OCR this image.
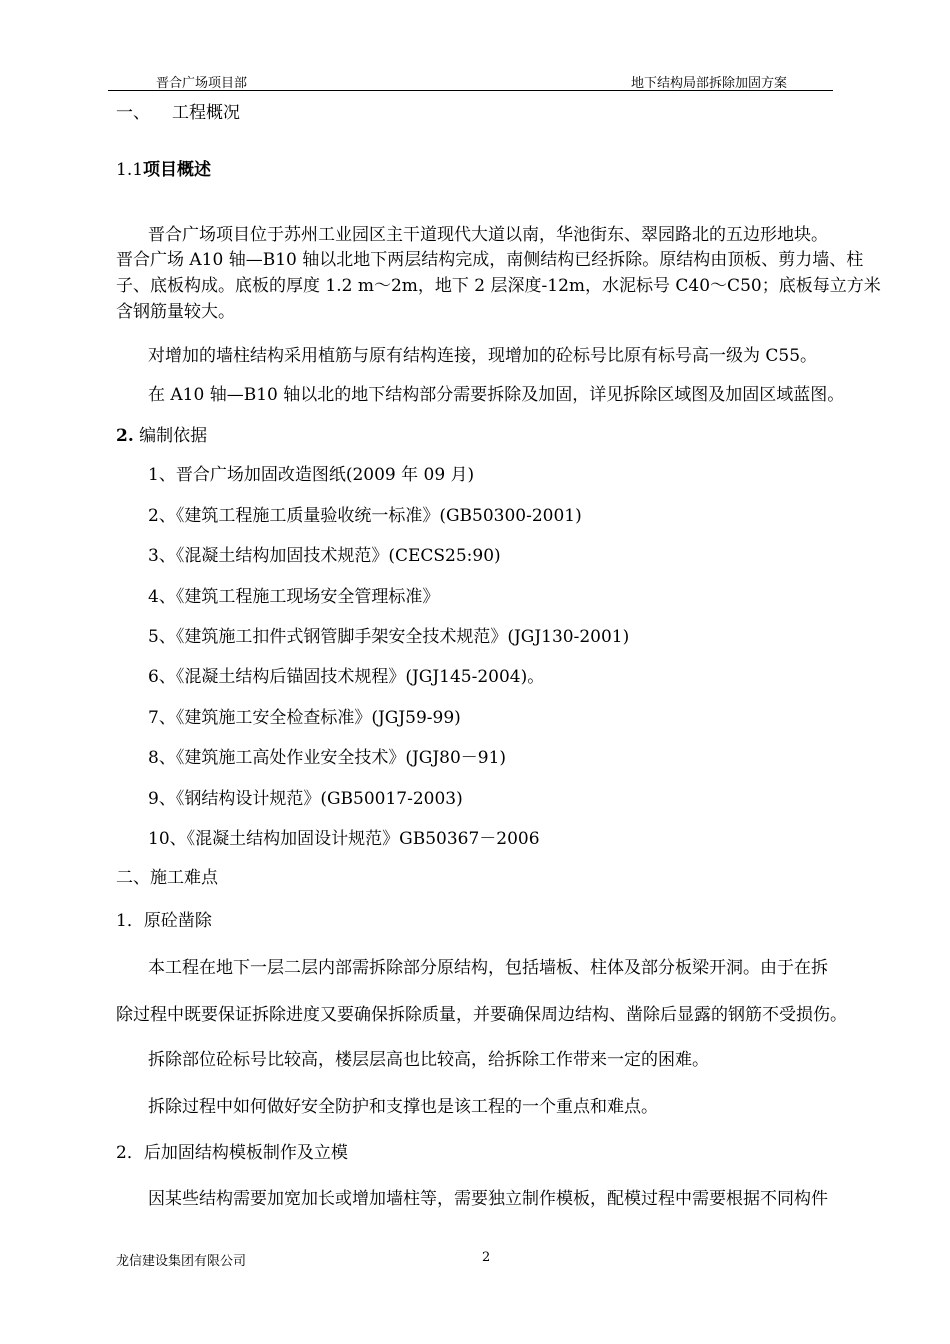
晋合广场项目部	地下结构局部拆除加固方案
一、 工程概况
1.1项目概述
晋合广场项目位于苏州工业园区主干道现代大道以南，华池街东、翠园路北的五边形地块。
晋合广场 A10 轴—B10 轴以北地下两层结构完成，南侧结构已经拆除。原结构由顶板、剪力墙、柱
子、底板构成。底板的厚度 1.2 m～2m，地下 2 层深度-12m，水泥标号 C40～C50；底板每立方米
含钢筋量较大。
对增加的墙柱结构采用植筋与原有结构连接，现增加的砼标号比原有标号高一级为 C55。
在 A10 轴—B10 轴以北的地下结构部分需要拆除及加固，详见拆除区域图及加固区域蓝图。
2. 编制依据
1、晋合广场加固改造图纸(2009 年 09 月)
2、《建筑工程施工质量验收统一标准》(GB50300-2001)
3、《混凝土结构加固技术规范》(CECS25:90)
4、《建筑工程施工现场安全管理标准》
5、《建筑施工扣件式钢管脚手架安全技术规范》(JGJ130-2001)
6、《混凝土结构后锚固技术规程》(JGJ145-2004)。
7、《建筑施工安全检查标准》(JGJ59-99)
8、《建筑施工高处作业安全技术》(JGJ80－91)
9、《钢结构设计规范》(GB50017-2003)
10、《混凝土结构加固设计规范》GB50367－2006
二、施工难点
1．原砼凿除
本工程在地下一层二层内部需拆除部分原结构，包括墙板、柱体及部分板梁开洞。由于在拆
除过程中既要保证拆除进度又要确保拆除质量，并要确保周边结构、凿除后显露的钢筋不受损伤。
拆除部位砼标号比较高，楼层层高也比较高，给拆除工作带来一定的困难。
拆除过程中如何做好安全防护和支撑也是该工程的一个重点和难点。
2．后加固结构模板制作及立模
因某些结构需要加宽加长或增加墙柱等，需要独立制作模板，配模过程中需要根据不同构件
龙信建设集团有限公司	2
